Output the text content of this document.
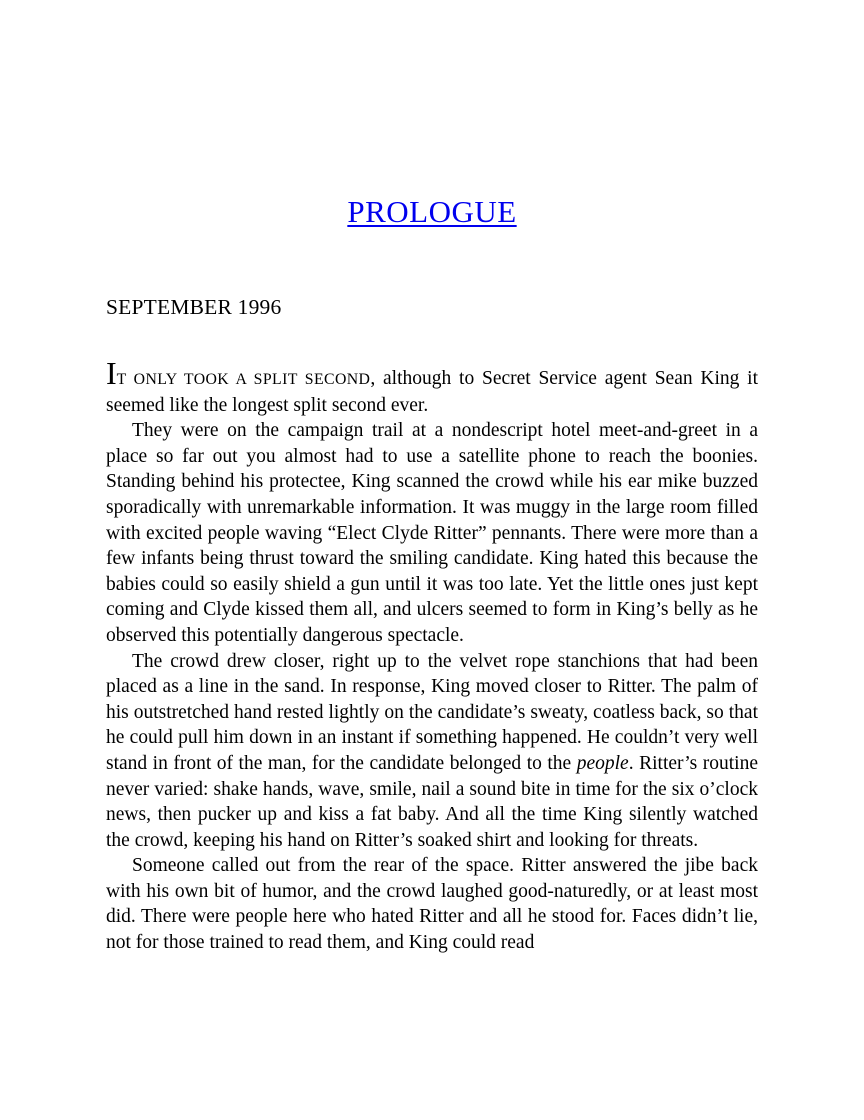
PROLOGUE
SEPTEMBER 1996

IT ONLY TOOK A SPLIT SECOND, although to Secret Service agent Sean King it seemed like the longest split second ever.

They were on the campaign trail at a nondescript hotel meet-and-greet in a place so far out you almost had to use a satellite phone to reach the boonies. Standing behind his protectee, King scanned the crowd while his ear mike buzzed sporadically with unremarkable information. It was muggy in the large room filled with excited people waving “Elect Clyde Ritter” pennants. There were more than a few infants being thrust toward the smiling candidate. King hated this because the babies could so easily shield a gun until it was too late. Yet the little ones just kept coming and Clyde kissed them all, and ulcers seemed to form in King’s belly as he observed this potentially dangerous spectacle.

The crowd drew closer, right up to the velvet rope stanchions that had been placed as a line in the sand. In response, King moved closer to Ritter. The palm of his outstretched hand rested lightly on the candidate’s sweaty, coatless back, so that he could pull him down in an instant if something happened. He couldn’t very well stand in front of the man, for the candidate belonged to the people. Ritter’s routine never varied: shake hands, wave, smile, nail a sound bite in time for the six o’clock news, then pucker up and kiss a fat baby. And all the time King silently watched the crowd, keeping his hand on Ritter’s soaked shirt and looking for threats.

Someone called out from the rear of the space. Ritter answered the jibe back with his own bit of humor, and the crowd laughed good-naturedly, or at least most did. There were people here who hated Ritter and all he stood for. Faces didn’t lie, not for those trained to read them, and King could read
